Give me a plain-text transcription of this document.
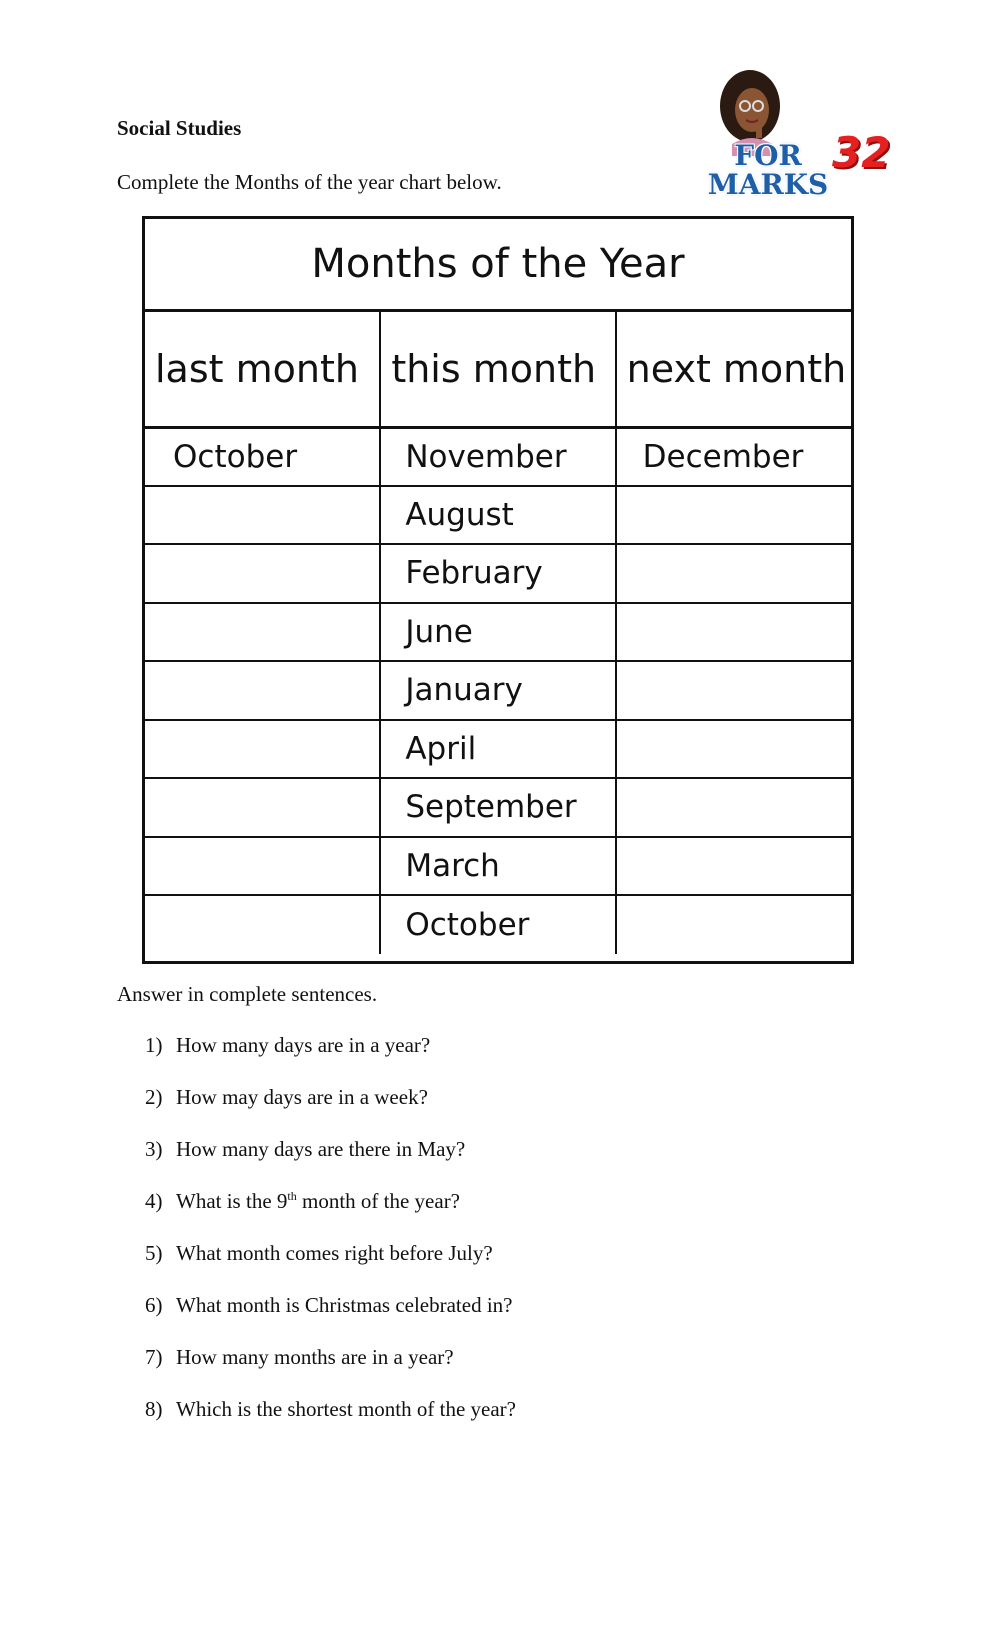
Social Studies
Complete the Months of the year chart below.
FOR
MARKS
32
Months of the Year
last month	this month	next month
October	November	December
	August	
	February	
	June	
	January	
	April	
	September	
	March	
	October	
Answer in complete sentences.
1) How many days are in a year?
2) How may days are in a week?
3) How many days are there in May?
4) What is the 9th month of the year?
5) What month comes right before July?
6) What month is Christmas celebrated in?
7) How many months are in a year?
8) Which is the shortest month of the year?
